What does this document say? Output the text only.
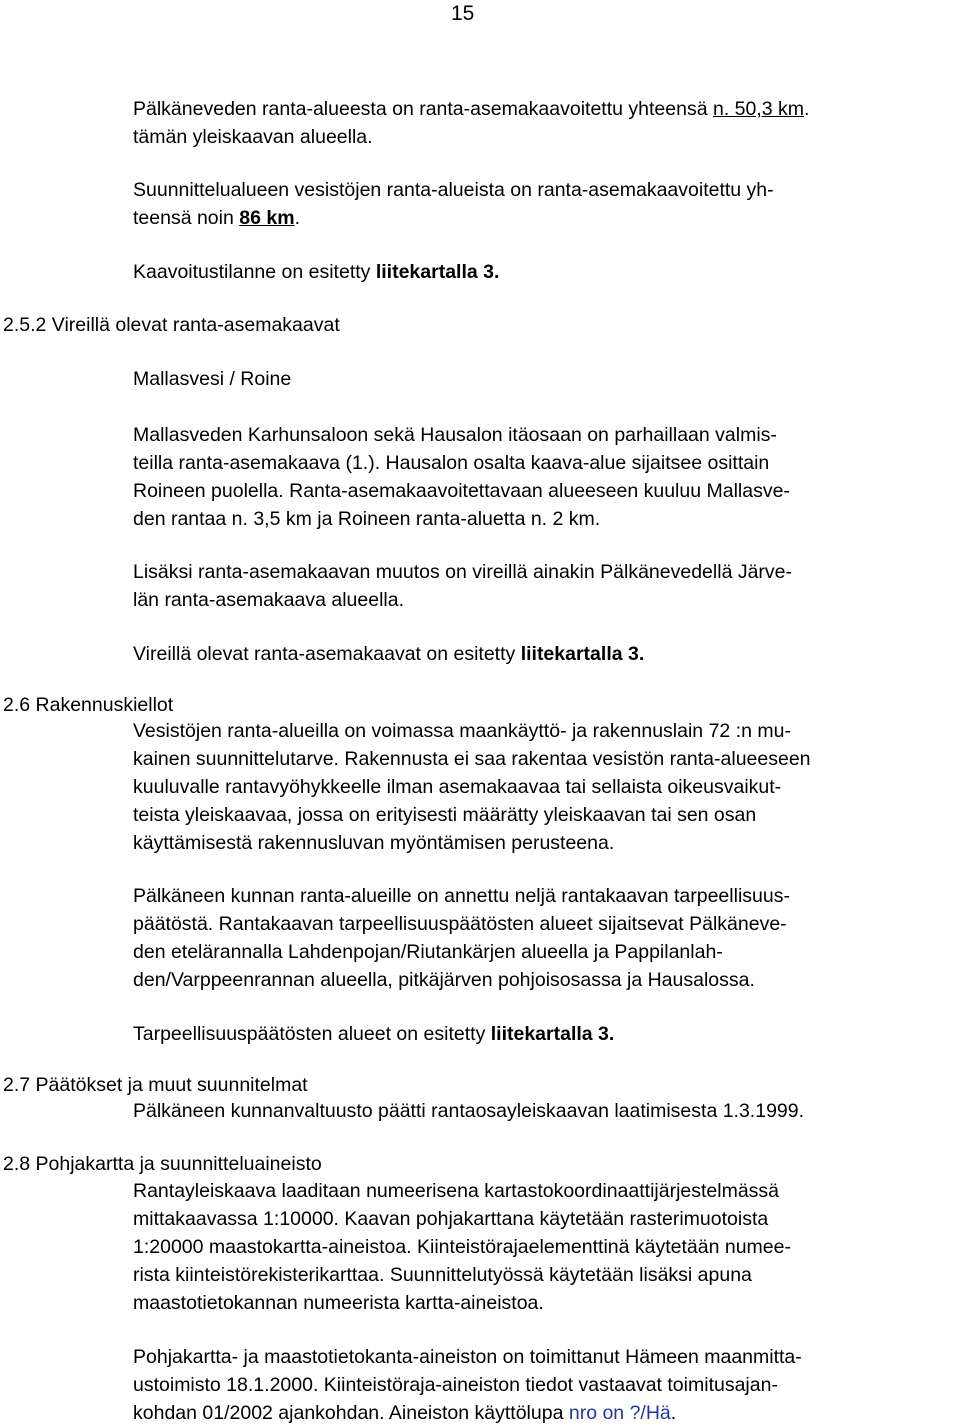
15
Pälkäneveden ranta-alueesta on ranta-asemakaavoitettu yhteensä n. 50,3 km.
tämän yleiskaavan alueella.
Suunnittelualueen vesistöjen ranta-alueista on ranta-asemakaavoitettu yh-
teensä noin 86 km.
Kaavoitustilanne on esitetty liitekartalla 3.
2.5.2 Vireillä olevat ranta-asemakaavat
Mallasvesi / Roine
Mallasveden Karhunsaloon sekä Hausalon itäosaan on parhaillaan valmis-
teilla ranta-asemakaava (1.). Hausalon osalta kaava-alue sijaitsee osittain
Roineen puolella. Ranta-asemakaavoitettavaan alueeseen kuuluu Mallasve-
den rantaa n. 3,5 km ja Roineen ranta-aluetta n. 2 km.
Lisäksi ranta-asemakaavan muutos on vireillä ainakin Pälkänevedellä Järve-
län ranta-asemakaava alueella.
Vireillä olevat ranta-asemakaavat on esitetty liitekartalla 3.
2.6 Rakennuskiellot
Vesistöjen ranta-alueilla on voimassa maankäyttö- ja rakennuslain 72 :n mu-
kainen suunnittelutarve. Rakennusta ei saa rakentaa vesistön ranta-alueeseen
kuuluvalle rantavyöhykkeelle ilman asemakaavaa tai sellaista oikeusvaikut-
teista yleiskaavaa, jossa on erityisesti määrätty yleiskaavan tai sen osan
käyttämisestä rakennusluvan myöntämisen perusteena.
Pälkäneen kunnan ranta-alueille on annettu neljä rantakaavan tarpeellisuus-
päätöstä. Rantakaavan tarpeellisuuspäätösten alueet sijaitsevat Pälkäneve-
den etelärannalla Lahdenpojan/Riutankärjen alueella ja Pappilanlah-
den/Varppeenrannan alueella, pitkäjärven pohjoisosassa ja Hausalossa.
Tarpeellisuuspäätösten alueet on esitetty liitekartalla 3.
2.7 Päätökset ja muut suunnitelmat
Pälkäneen kunnanvaltuusto päätti rantaosayleiskaavan laatimisesta 1.3.1999.
2.8 Pohjakartta ja suunnitteluaineisto
Rantayleiskaava laaditaan numeerisena kartastokoordinaattijärjestelmässä
mittakaavassa 1:10000. Kaavan pohjakarttana käytetään rasterimuotoista
1:20000 maastokartta-aineistoa. Kiinteistörajaelementtinä käytetään numee-
rista kiinteistörekisterikarttaa. Suunnittelutyössä käytetään lisäksi apuna
maastotietokannan numeerista kartta-aineistoa.
Pohjakartta- ja maastotietokanta-aineiston on toimittanut Hämeen maanmitta-
ustoimisto 18.1.2000. Kiinteistöraja-aineiston tiedot vastaavat toimitusajan-
kohdan 01/2002 ajankohdan. Aineiston käyttölupa nro on ?/Hä.
